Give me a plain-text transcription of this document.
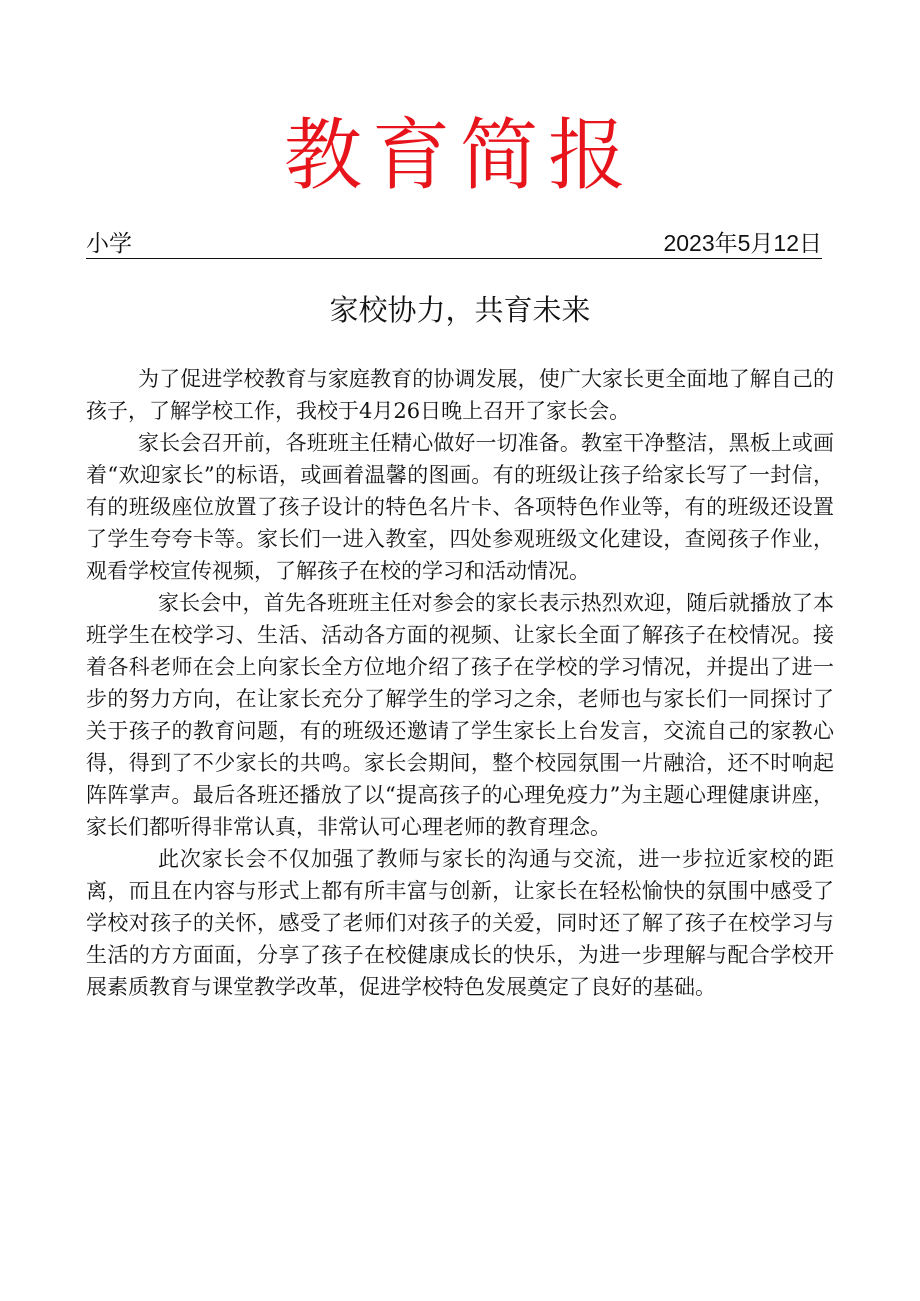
教育简报
小学	2023年5月12日
家校协力，共育未来

为了促进学校教育与家庭教育的协调发展，使广大家长更全面地了解自己的孩子，了解学校工作，我校于4月26日晚上召开了家长会。

家长会召开前，各班班主任精心做好一切准备。教室干净整洁，黑板上或画着“欢迎家长”的标语，或画着温馨的图画。有的班级让孩子给家长写了一封信，有的班级座位放置了孩子设计的特色名片卡、各项特色作业等，有的班级还设置了学生夸夸卡等。家长们一进入教室，四处参观班级文化建设，查阅孩子作业，观看学校宣传视频，了解孩子在校的学习和活动情况。

家长会中，首先各班班主任对参会的家长表示热烈欢迎，随后就播放了本班学生在校学习、生活、活动各方面的视频、让家长全面了解孩子在校情况。接着各科老师在会上向家长全方位地介绍了孩子在学校的学习情况，并提出了进一步的努力方向，在让家长充分了解学生的学习之余，老师也与家长们一同探讨了关于孩子的教育问题，有的班级还邀请了学生家长上台发言，交流自己的家教心得，得到了不少家长的共鸣。家长会期间，整个校园氛围一片融洽，还不时响起阵阵掌声。最后各班还播放了以“提高孩子的心理免疫力”为主题心理健康讲座，家长们都听得非常认真，非常认可心理老师的教育理念。

此次家长会不仅加强了教师与家长的沟通与交流，进一步拉近家校的距离，而且在内容与形式上都有所丰富与创新，让家长在轻松愉快的氛围中感受了学校对孩子的关怀，感受了老师们对孩子的关爱，同时还了解了孩子在校学习与生活的方方面面，分享了孩子在校健康成长的快乐，为进一步理解与配合学校开展素质教育与课堂教学改革，促进学校特色发展奠定了良好的基础。
